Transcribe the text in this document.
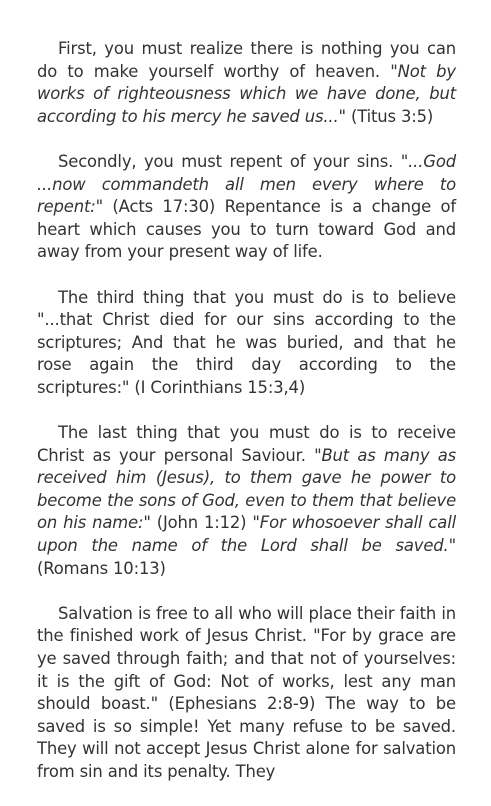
First, you must realize there is nothing you can do to make yourself worthy of heaven. "Not by works of righteousness which we have done, but according to his mercy he saved us..." (Titus 3:5)

Secondly, you must repent of your sins. "...God ...now commandeth all men every where to repent:" (Acts 17:30) Repentance is a change of heart which causes you to turn toward God and away from your present way of life.

The third thing that you must do is to believe "...that Christ died for our sins according to the scriptures; And that he was buried, and that he rose again the third day according to the scriptures:" (I Corinthians 15:3,4)

The last thing that you must do is to receive Christ as your personal Saviour. "But as many as received him (Jesus), to them gave he power to become the sons of God, even to them that believe on his name:" (John 1:12) "For whosoever shall call upon the name of the Lord shall be saved." (Romans 10:13)

Salvation is free to all who will place their faith in the finished work of Jesus Christ. "For by grace are ye saved through faith; and that not of yourselves: it is the gift of God: Not of works, lest any man should boast." (Ephesians 2:8-9) The way to be saved is so simple! Yet many refuse to be saved. They will not accept Jesus Christ alone for salvation from sin and its penalty. They
